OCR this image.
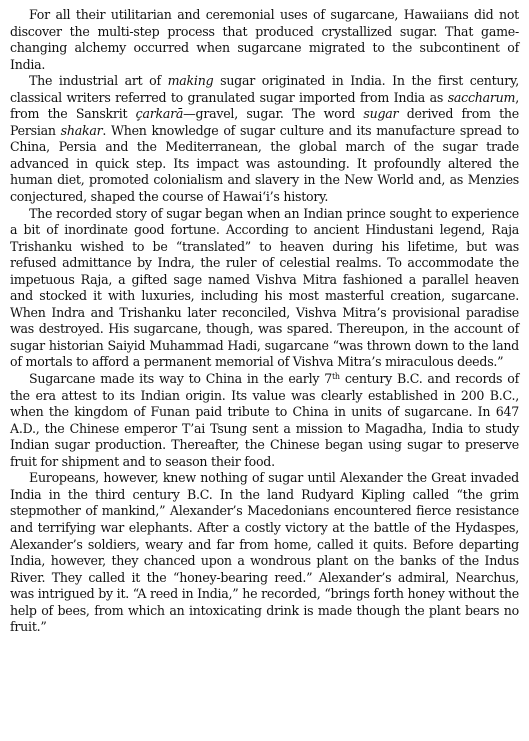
For all their utilitarian and ceremonial uses of sugarcane, Hawaiians did not discover the multi-step process that produced crystallized sugar. That game-changing alchemy occurred when sugarcane migrated to the subcontinent of India.

The industrial art of making sugar originated in India. In the first century, classical writers referred to granulated sugar imported from India as saccharum, from the Sanskrit çarkarā—gravel, sugar. The word sugar derived from the Persian shakar. When knowledge of sugar culture and its manufacture spread to China, Persia and the Mediterranean, the global march of the sugar trade advanced in quick step. Its impact was astounding. It profoundly altered the human diet, promoted colonialism and slavery in the New World and, as Menzies conjectured, shaped the course of Hawai‘i’s history.

The recorded story of sugar began when an Indian prince sought to experience a bit of inordinate good fortune. According to ancient Hindustani legend, Raja Trishanku wished to be “translated” to heaven during his lifetime, but was refused admittance by Indra, the ruler of celestial realms. To accommodate the impetuous Raja, a gifted sage named Vishva Mitra fashioned a parallel heaven and stocked it with luxuries, including his most masterful creation, sugarcane. When Indra and Trishanku later reconciled, Vishva Mitra’s provisional paradise was destroyed. His sugarcane, though, was spared. Thereupon, in the account of sugar historian Saiyid Muhammad Hadi, sugarcane “was thrown down to the land of mortals to afford a permanent memorial of Vishva Mitra’s miraculous deeds.”

Sugarcane made its way to China in the early 7th century B.C. and records of the era attest to its Indian origin. Its value was clearly established in 200 B.C., when the kingdom of Funan paid tribute to China in units of sugarcane. In 647 A.D., the Chinese emperor T’ai Tsung sent a mission to Magadha, India to study Indian sugar production. Thereafter, the Chinese began using sugar to preserve fruit for shipment and to season their food.

Europeans, however, knew nothing of sugar until Alexander the Great invaded India in the third century B.C. In the land Rudyard Kipling called “the grim stepmother of mankind,” Alexander’s Macedonians encountered fierce resistance and terrifying war elephants. After a costly victory at the battle of the Hydaspes, Alexander’s soldiers, weary and far from home, called it quits. Before departing India, however, they chanced upon a wondrous plant on the banks of the Indus River. They called it the “honey-bearing reed.” Alexander’s admiral, Nearchus, was intrigued by it. “A reed in India,” he recorded, “brings forth honey without the help of bees, from which an intoxicating drink is made though the plant bears no fruit.”
